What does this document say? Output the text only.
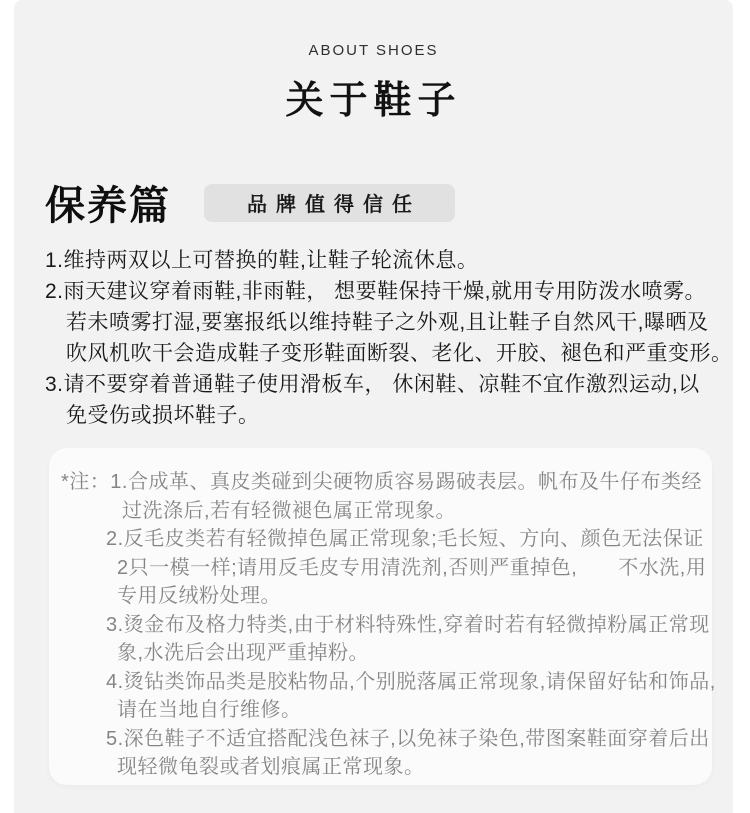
ABOUT SHOES
关于鞋子
保养篇	品牌值得信任
1.维持两双以上可替换的鞋,让鞋子轮流休息。
2.雨天建议穿着雨鞋,非雨鞋， 想要鞋保持干燥,就用专用防泼水喷雾。
若未喷雾打湿,要塞报纸以维持鞋子之外观,且让鞋子自然风干,曝晒及
吹风机吹干会造成鞋子变形鞋面断裂、老化、开胶、褪色和严重变形。
3.请不要穿着普通鞋子使用滑板车， 休闲鞋、凉鞋不宜作激烈运动,以
免受伤或损坏鞋子。
*注：1.合成革、真皮类碰到尖硬物质容易踢破表层。帆布及牛仔布类经
过洗涤后,若有轻微褪色属正常现象。
2.反毛皮类若有轻微掉色属正常现象;毛长短、方向、颜色无法保证
2只一模一样;请用反毛皮专用清洗剂,否则严重掉色,　　不水洗,用
专用反绒粉处理。
3.烫金布及格力特类,由于材料特殊性,穿着时若有轻微掉粉属正常现
象,水洗后会出现严重掉粉。
4.烫钻类饰品类是胶粘物品,个别脱落属正常现象,请保留好钻和饰品,
请在当地自行维修。
5.深色鞋子不适宜搭配浅色袜子,以免袜子染色,带图案鞋面穿着后出
现轻微龟裂或者划痕属正常现象。
